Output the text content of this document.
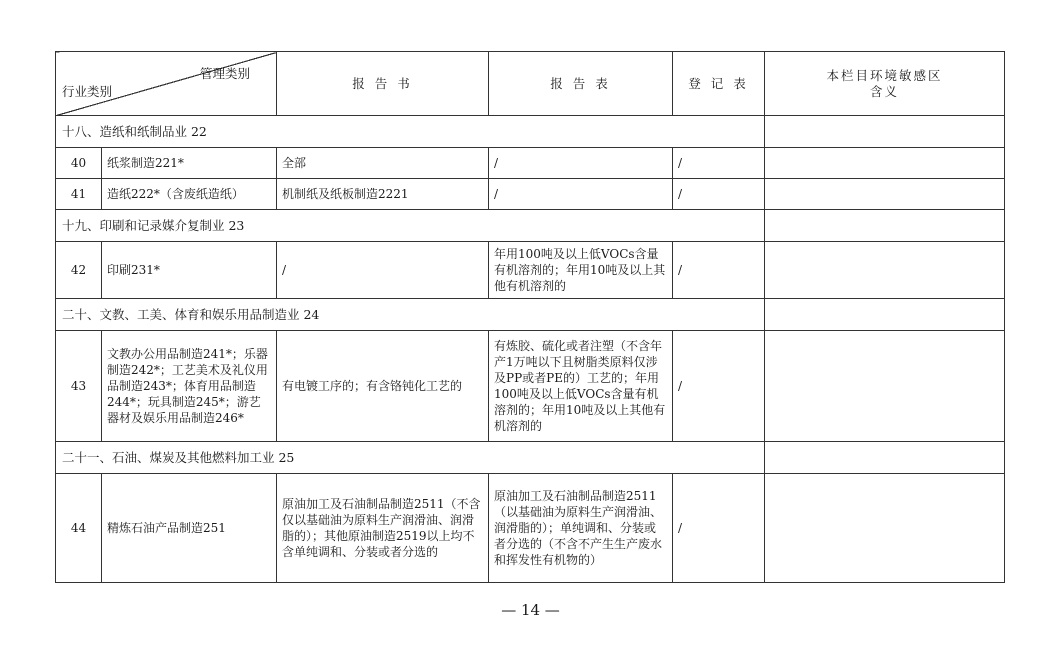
管理类别
行业类别		报 告 书	报 告 表	登 记 表	本栏目环境敏感区含义
十八、造纸和纸制品业 22					
40	纸浆制造221*	全部	/	/	
41	造纸222*（含废纸造纸）	机制纸及纸板制造2221	/	/	
十九、印刷和记录媒介复制业 23					
42	印刷231*	/	年用100吨及以上低VOCs含量有机溶剂的；年用10吨及以上其他有机溶剂的	/	
二十、文教、工美、体育和娱乐用品制造业 24					
43	文教办公用品制造241*；乐器制造242*；工艺美术及礼仪用品制造243*；体育用品制造244*；玩具制造245*；游艺器材及娱乐用品制造246*	有电镀工序的；有含铬钝化工艺的	有炼胶、硫化或者注塑（不含年产1万吨以下且树脂类原料仅涉及PP或者PE的）工艺的；年用100吨及以上低VOCs含量有机溶剂的；年用10吨及以上其他有机溶剂的	/	
二十一、石油、煤炭及其他燃料加工业 25					
44	精炼石油产品制造251	原油加工及石油制品制造2511（不含仅以基础油为原料生产润滑油、润滑脂的）；其他原油制造2519以上均不含单纯调和、分装或者分选的	原油加工及石油制品制造2511（以基础油为原料生产润滑油、润滑脂的）；单纯调和、分装或者分选的（不含不产生生产废水和挥发性有机物的）	/	
— 14 —
